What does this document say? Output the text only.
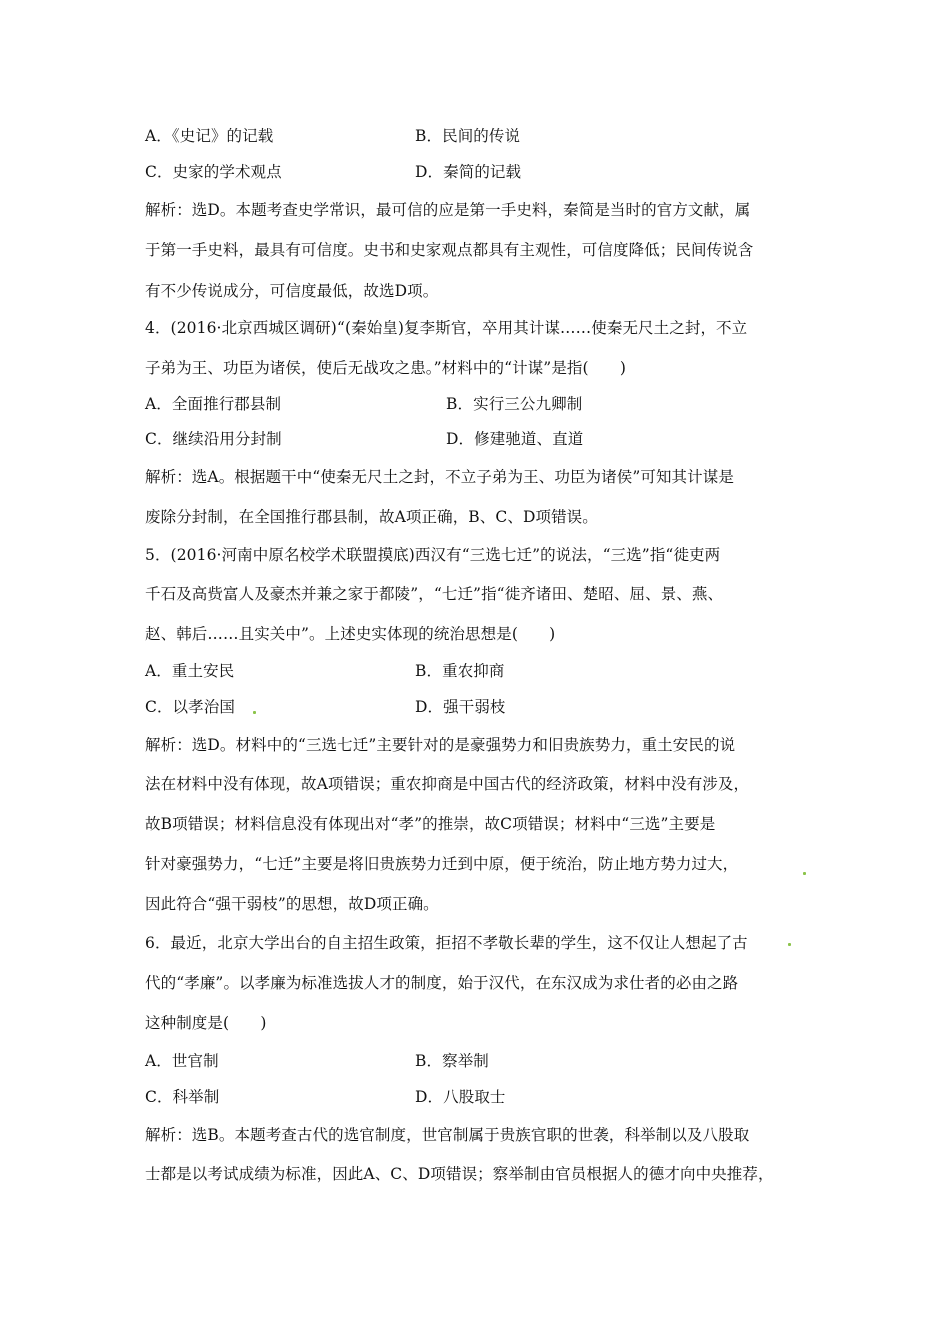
A．《史记》的记载	B．民间的传说
C．史家的学术观点	D．秦简的记载
解析：选D。本题考查史学常识，最可信的应是第一手史料，秦简是当时的官方文献，属
于第一手史料，最具有可信度。史书和史家观点都具有主观性，可信度降低；民间传说含
有不少传说成分，可信度最低，故选D项。
4．(2016·北京西城区调研)“(秦始皇)复李斯官，卒用其计谋……使秦无尺土之封，不立
子弟为王、功臣为诸侯，使后无战攻之患。”材料中的“计谋”是指(　　)
A．全面推行郡县制	B．实行三公九卿制
C．继续沿用分封制	D．修建驰道、直道
解析：选A。根据题干中“使秦无尺土之封，不立子弟为王、功臣为诸侯”可知其计谋是
废除分封制，在全国推行郡县制，故A项正确，B、C、D项错误。
5．(2016·河南中原名校学术联盟摸底)西汉有“三选七迁”的说法，“三选”指“徙吏两
千石及高赀富人及豪杰并兼之家于都陵”，“七迁”指“徙齐诸田、楚昭、屈、景、燕、
赵、韩后……且实关中”。上述史实体现的统治思想是(　　)
A．重土安民	B．重农抑商
C．以孝治国	D．强干弱枝
解析：选D。材料中的“三选七迁”主要针对的是豪强势力和旧贵族势力，重土安民的说
法在材料中没有体现，故A项错误；重农抑商是中国古代的经济政策，材料中没有涉及，
故B项错误；材料信息没有体现出对“孝”的推崇，故C项错误；材料中“三选”主要是
针对豪强势力，“七迁”主要是将旧贵族势力迁到中原，便于统治，防止地方势力过大，
因此符合“强干弱枝”的思想，故D项正确。
6．最近，北京大学出台的自主招生政策，拒招不孝敬长辈的学生，这不仅让人想起了古
代的“孝廉”。以孝廉为标准选拔人才的制度，始于汉代，在东汉成为求仕者的必由之路
这种制度是(　　)
A．世官制	B．察举制
C．科举制	D．八股取士
解析：选B。本题考查古代的选官制度，世官制属于贵族官职的世袭，科举制以及八股取
士都是以考试成绩为标准，因此A、C、D项错误；察举制由官员根据人的德才向中央推荐，
